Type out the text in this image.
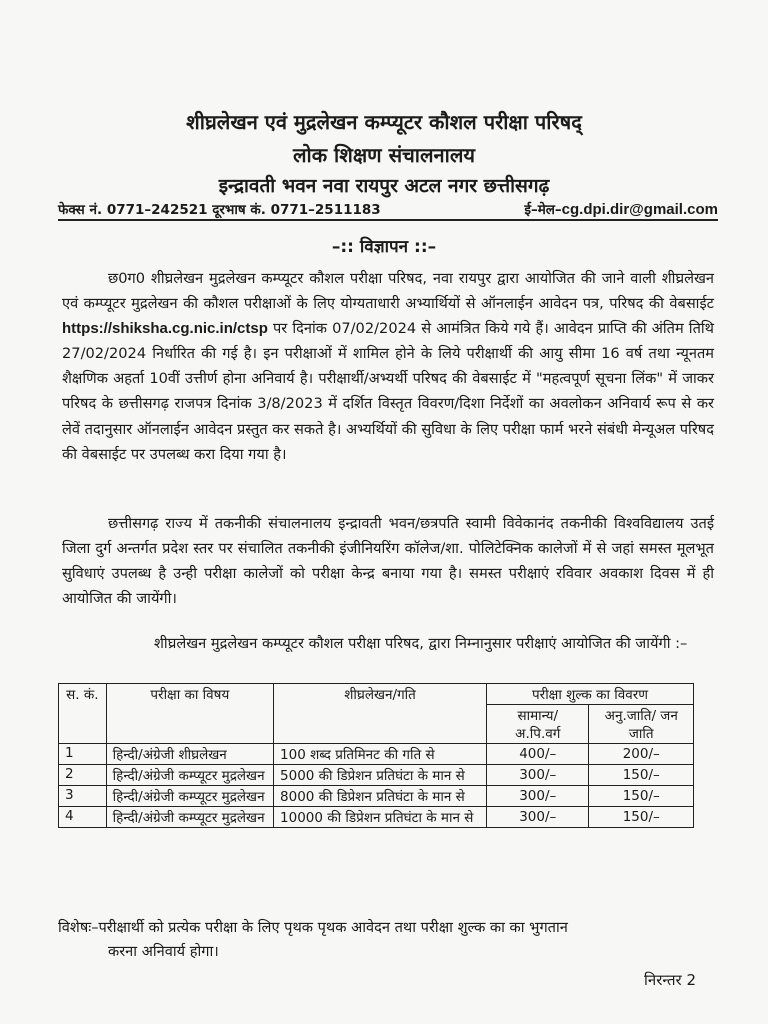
शीघ्रलेखन एवं मुद्रलेखन कम्प्यूटर कौशल परीक्षा परिषद्
लोक शिक्षण संचालनालय
इन्द्रावती भवन नवा रायपुर अटल नगर छत्तीसगढ़
फेक्स नं. 0771–242521 दूरभाष कं. 0771–2511183	ई–मेल–cg.dpi.dir@gmail.com
–:: विज्ञापन ::–
छ0ग0 शीघ्रलेखन मुद्रलेखन कम्प्यूटर कौशल परीक्षा परिषद, नवा रायपुर द्वारा आयोजित की जाने वाली शीघ्रलेखन एवं कम्प्यूटर मुद्रलेखन की कौशल परीक्षाओं के लिए योग्यताधारी अभ्यार्थियों से ऑनलाईन आवेदन पत्र, परिषद की वेबसाईट https://shiksha.cg.nic.in/ctsp पर दिनांक 07/02/2024 से आमंत्रित किये गये हैं। आवेदन प्राप्ति की अंतिम तिथि 27/02/2024 निर्धारित की गई है। इन परीक्षाओं में शामिल होने के लिये परीक्षार्थी की आयु सीमा 16 वर्ष तथा न्यूनतम शैक्षणिक अहर्ता 10वीं उत्तीर्ण होना अनिवार्य है। परीक्षार्थी/अभ्यर्थी परिषद की वेबसाईट में "महत्वपूर्ण सूचना लिंक" में जाकर परिषद के छत्तीसगढ़ राजपत्र दिनांक 3/8/2023 में दर्शित विस्तृत विवरण/दिशा निर्देशों का अवलोकन अनिवार्य रूप से कर लेवें तदानुसार ऑनलाईन आवेदन प्रस्तुत कर सकते है। अभ्यर्थियों की सुविधा के लिए परीक्षा फार्म भरने संबंधी मेन्यूअल परिषद की वेबसाईट पर उपलब्ध करा दिया गया है।
छत्तीसगढ़ राज्य में तकनीकी संचालनालय इन्द्रावती भवन/छत्रपति स्वामी विवेकानंद तकनीकी विश्वविद्यालय उतई जिला दुर्ग अन्तर्गत प्रदेश स्तर पर संचालित तकनीकी इंजीनियरिंग कॉलेज/शा. पोलिटेक्निक कालेजों में से जहां समस्त मूलभूत सुविधाएं उपलब्ध है उन्ही परीक्षा कालेजों को परीक्षा केन्द्र बनाया गया है। समस्त परीक्षाएं रविवार अवकाश दिवस में ही आयोजित की जायेंगी।
शीघ्रलेखन मुद्रलेखन कम्प्यूटर कौशल परीक्षा परिषद, द्वारा निम्नानुसार परीक्षाएं आयोजित की जायेंगी :–
स. कं.	परीक्षा का विषय	शीघ्रलेखन/गति	परीक्षा शुल्क का विवरण	
			सामान्य/ अ.पि.वर्ग	अनु.जाति/ जन जाति
1	हिन्दी/अंग्रेजी शीघ्रलेखन	100 शब्द प्रतिमिनट की गति से	400/–	200/–
2	हिन्दी/अंग्रेजी कम्प्यूटर मुद्रलेखन	5000 की डिप्रेशन प्रतिघंटा के मान से	300/–	150/–
3	हिन्दी/अंग्रेजी कम्प्यूटर मुद्रलेखन	8000 की डिप्रेशन प्रतिघंटा के मान से	300/–	150/–
4	हिन्दी/अंग्रेजी कम्प्यूटर मुद्रलेखन	10000 की डिप्रेशन प्रतिघंटा के मान से	300/–	150/–
विशेषः–परीक्षार्थी को प्रत्येक परीक्षा के लिए पृथक पृथक आवेदन तथा परीक्षा शुल्क का का भुगतान
करना अनिवार्य होगा।
निरन्तर 2
